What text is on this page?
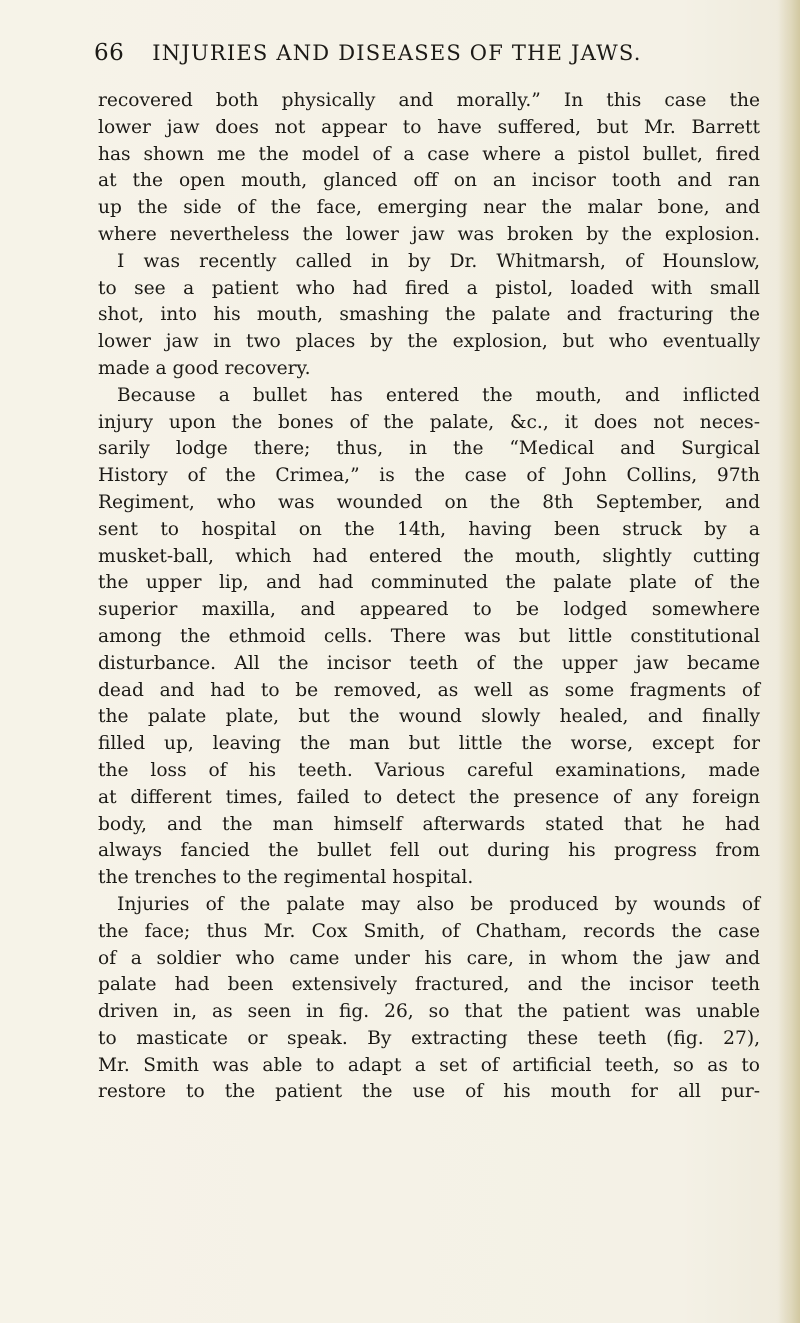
66 INJURIES AND DISEASES OF THE JAWS.
recovered both physically and morally.” In this case the
lower jaw does not appear to have suffered, but Mr. Barrett
has shown me the model of a case where a pistol bullet, fired
at the open mouth, glanced off on an incisor tooth and ran
up the side of the face, emerging near the malar bone, and
where nevertheless the lower jaw was broken by the explosion.
I was recently called in by Dr. Whitmarsh, of Hounslow,
to see a patient who had fired a pistol, loaded with small
shot, into his mouth, smashing the palate and fracturing the
lower jaw in two places by the explosion, but who eventually
made a good recovery.
Because a bullet has entered the mouth, and inflicted
injury upon the bones of the palate, &c., it does not neces-
sarily lodge there; thus, in the “Medical and Surgical
History of the Crimea,” is the case of John Collins, 97th
Regiment, who was wounded on the 8th September, and
sent to hospital on the 14th, having been struck by a
musket-ball, which had entered the mouth, slightly cutting
the upper lip, and had comminuted the palate plate of the
superior maxilla, and appeared to be lodged somewhere
among the ethmoid cells. There was but little constitutional
disturbance. All the incisor teeth of the upper jaw became
dead and had to be removed, as well as some fragments of
the palate plate, but the wound slowly healed, and finally
filled up, leaving the man but little the worse, except for
the loss of his teeth. Various careful examinations, made
at different times, failed to detect the presence of any foreign
body, and the man himself afterwards stated that he had
always fancied the bullet fell out during his progress from
the trenches to the regimental hospital.
Injuries of the palate may also be produced by wounds of
the face; thus Mr. Cox Smith, of Chatham, records the case
of a soldier who came under his care, in whom the jaw and
palate had been extensively fractured, and the incisor teeth
driven in, as seen in fig. 26, so that the patient was unable
to masticate or speak. By extracting these teeth (fig. 27),
Mr. Smith was able to adapt a set of artificial teeth, so as to
restore to the patient the use of his mouth for all pur-
